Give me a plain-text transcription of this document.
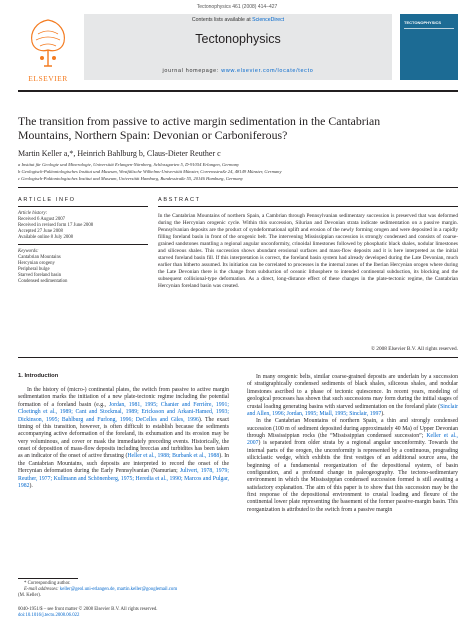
Tectonophysics 461 (2008) 414–427
ELSEVIER
Contents lists available at ScienceDirect
Tectonophysics
journal homepage: www.elsevier.com/locate/tecto
TECTONOPHYSICS
The transition from passive to active margin sedimentation in the Cantabrian
Mountains, Northern Spain: Devonian or Carboniferous?
Martin Keller a,*, Heinrich Bahlburg b, Claus-Dieter Reuther c
a Institut für Geologie und Mineralogie, Universität Erlangen-Nürnberg, Schlossgarten 5, D-91054 Erlangen, Germany
b Geologisch-Paläontologisches Institut und Museum, Westfälische Wilhelms-Universität Münster, Corrensstraße 24, 48149 Münster, Germany
c Geologisch-Paläontologisches Institut und Museum, Universität Hamburg, Bundesstraße 55, 20146 Hamburg, Germany
ARTICLE INFO	ABSTRACT
Article history:
Received 6 August 2007
Received in revised form 17 June 2008
Accepted 27 June 2008
Available online 8 July 2008
Keywords:
Cantabrian Mountains
Hercynian orogeny
Peripheral bulge
Starved foreland basin
Condensed sedimentation
In the Cantabrian Mountains of northern Spain, a Cambrian through Pennsylvanian sedimentary succession is preserved that was deformed during the Hercynian orogenic cycle. Within this succession, Silurian and Devonian strata indicate sedimentation on a passive margin. Pennsylvanian deposits are the product of syndeformational uplift and erosion of the newly forming orogen and were deposited in a rapidly filling foreland basin in front of the orogenic belt. The intervening Mississippian succession is strongly condensed and consists of coarse-grained sandstones mantling a regional angular unconformity, crinoidal limestones followed by phosphatic black shales, nodular limestones and siliceous shales. This succession shows abundant erosional surfaces and mass-flow deposits and it is here interpreted as the initial starved foreland basin fill. If this interpretation is correct, the foreland basin system had already developed during the Late Devonian, much earlier than hitherto assumed. Its initiation can be correlated to processes in the internal zones of the Iberian Hercynian orogen where during the Late Devonian there is the change from subduction of oceanic lithosphere to intended continental subduction, its blocking and the subsequent collisional-type deformation. As a direct, long-distance effect of these changes in the plate-tectonic regime, the Cantabrian Hercynian foreland basin was created.
© 2008 Elsevier B.V. All rights reserved.
1. Introduction

In the history of (micro-) continental plates, the switch from passive to active margin sedimentation marks the initiation of a new plate-tectonic regime including the potential formation of a foreland basin (e.g., Jordan, 1981, 1995; Chanier and Ferrière, 1991; Cloetingh et al., 1989; Cant and Stockmal, 1989; Ericksson and Arkani-Hamed, 1993; Dickinson, 1995; Bahlburg and Furlong, 1996; DeCelles and Giles, 1996). The exact timing of this transition, however, is often difficult to establish because the sediments accompanying active deformation of the foreland, its exhumation and its erosion may be very voluminous, and cover or mask the immediately preceding events. Historically, the onset of deposition of mass-flow deposits including breccias and turbidites has been taken as an indicator of the onset of active thrusting (Heller et al., 1988; Burbank et al., 1988). In the Cantabrian Mountains, such deposits are interpreted to record the onset of the Hercynian deformation during the Early Pennsylvanian (Namurian; Julivert, 1978, 1979; Reuther, 1977; Kullmann and Schönenberg, 1975; Heredia et al., 1990; Marcos and Pulgar, 1982).

In many orogenic belts, similar coarse-grained deposits are underlain by a succession of stratigraphically condensed sediments of black shales, siliceous shales, and nodular limestones ascribed to a phase of tectonic quiescence. In recent years, modeling of geological processes has shown that such successions may form during the initial stages of crustal loading generating basins with starved sedimentation on the foreland plate (Sinclair and Allen, 1996; Jordan, 1995; Miall, 1995; Sinclair, 1997).

In the Cantabrian Mountains of northern Spain, a thin and strongly condensed succession (100 m of sediment deposited during approximately 40 Ma) of Upper Devonian through Mississippian rocks (the “Mississippian condensed succession”; Keller et al., 2007) is separated from older strata by a regional angular unconformity. Towards the internal parts of the orogen, the unconformity is represented by a continuous, prograding siliciclastic wedge, which exhibits the first vestiges of an additional source area, the beginning of a fundamental reorganization of the depositional system, of basin configuration, and a profound change in paleogeography. The tectono-sedimentary environment in which the Mississippian condensed succession formed is still awaiting a satisfactory explanation. The aim of this paper is to show that this succession may be the first response of the depositional environment to crustal loading and flexure of the continental lower plate representing the basement of the former passive-margin basin. This reorganization is attributed to the switch from a passive margin

* Corresponding author.
E-mail addresses: keller@geol.uni-erlangen.de, martin.keller@googlemail.com
(M. Keller).
0040-1951/$ – see front matter © 2008 Elsevier B.V. All rights reserved.
doi:10.1016/j.tecto.2008.06.022
